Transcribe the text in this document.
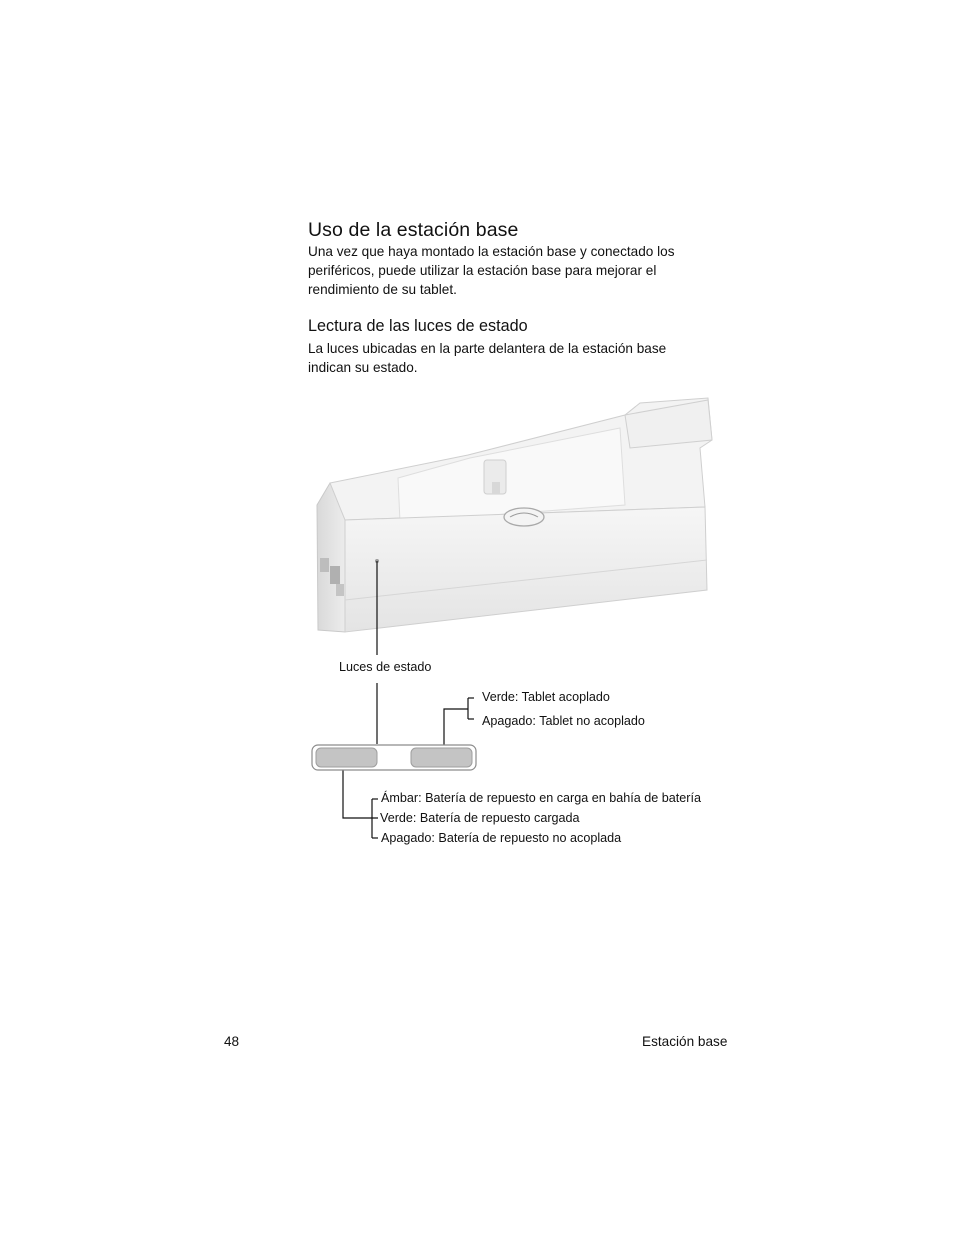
Uso de la estación base
Una vez que haya montado la estación base y conectado los
periféricos, puede utilizar la estación base para mejorar el
rendimiento de su tablet.
Lectura de las luces de estado
La luces ubicadas en la parte delantera de la estación base
indican su estado.
Luces de estado
Verde: Tablet acoplado
Apagado: Tablet no acoplado
Ámbar: Batería de repuesto en carga en bahía de batería
Verde: Batería de repuesto cargada
Apagado: Batería de repuesto no acoplada
48	Estación base
